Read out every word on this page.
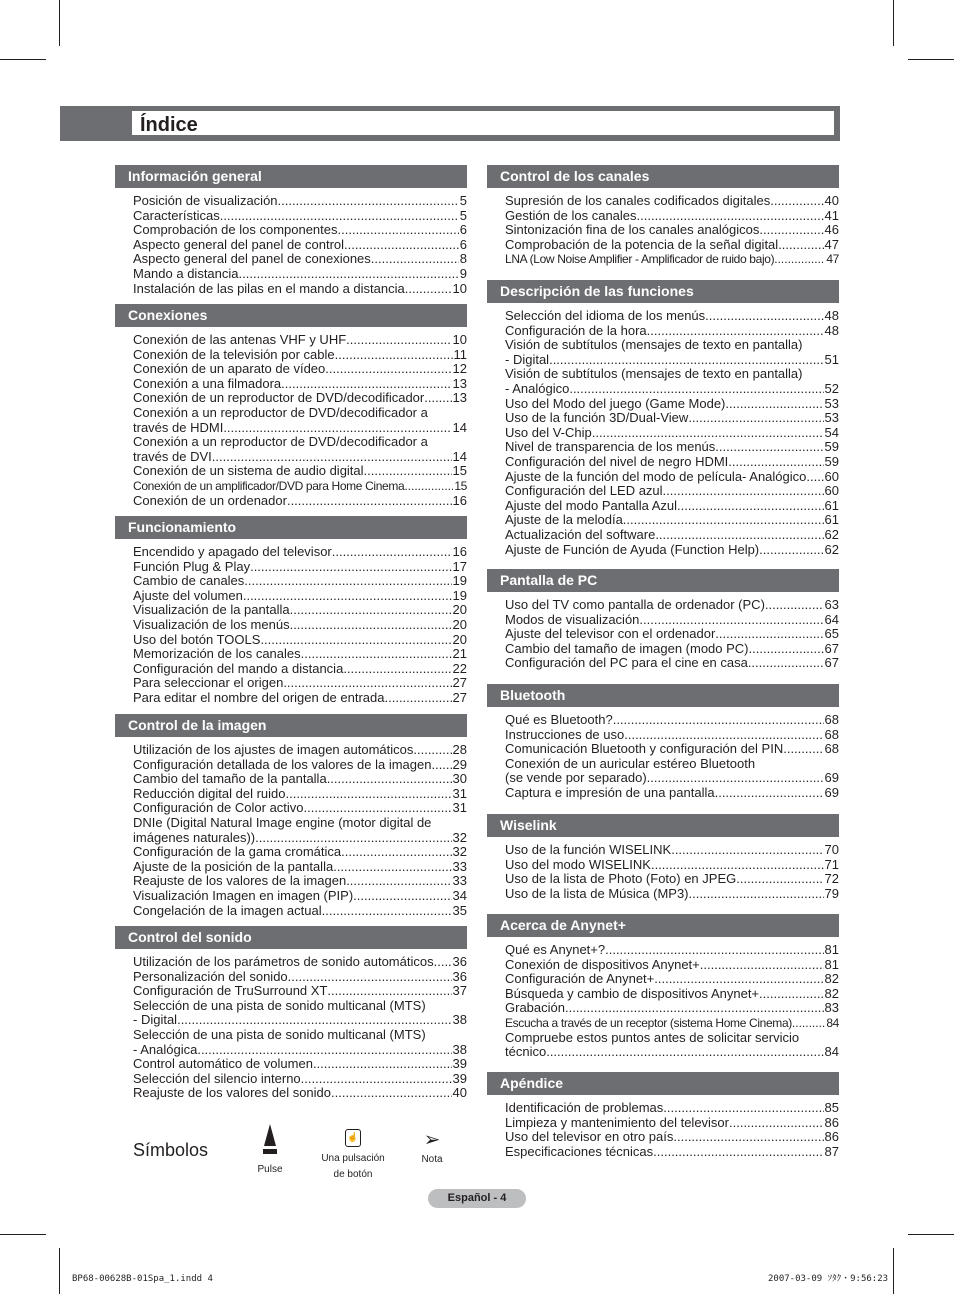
Índice
Información general
Posición de visualización .....	5
Características .....	5
Comprobación de los componentes .....	6
Aspecto general del panel de control .....	6
Aspecto general del panel de conexiones .....	8
Mando a distancia .....	9
Instalación de las pilas en el mando a distancia .....	10
Conexiones
Conexión de las antenas VHF y UHF .....	10
Conexión de la televisión por cable .....	11
Conexión de un aparato de vídeo .....	12
Conexión a una filmadora .....	13
Conexión de un reproductor de DVD/decodificador ..... 13
Conexión a un reproductor de DVD/decodificador a
través de HDMI .....	14
Conexión a un reproductor de DVD/decodificador a
través de DVI .....	14
Conexión de un sistema de audio digital .....	15
Conexión de un amplificador/DVD para Home Cinema .....	15
Conexión de un ordenador .....	16
Funcionamiento
Encendido y apagado del televisor .....	16
Función Plug & Play .....	17
Cambio de canales .....	19
Ajuste del volumen .....	19
Visualización de la pantalla .....	20
Visualización de los menús .....	20
Uso del botón TOOLS .....	20
Memorización de los canales .....	21
Configuración del mando a distancia .....	22
Para seleccionar el origen .....	27
Para editar el nombre del origen de entrada .....	27
Control de la imagen
Utilización de los ajustes de imagen automáticos .....	28
Configuración detallada de los valores de la imagen ..... 29
Cambio del tamaño de la pantalla .....	30
Reducción digital del ruido .....	31
Configuración de Color activo .....	31
DNIe (Digital Natural Image engine (motor digital de
imágenes naturales)) .....	32
Configuración de la gama cromática .....	32
Ajuste de la posición de la pantalla .....	33
Reajuste de los valores de la imagen .....	33
Visualización Imagen en imagen (PIP) .....	34
Congelación de la imagen actual .....	35
Control del sonido
Utilización de los parámetros de sonido automáticos ..... 36
Personalización del sonido .....	36
Configuración de TruSurround XT .....	37
Selección de una pista de sonido multicanal (MTS)
- Digital .....	38
Selección de una pista de sonido multicanal (MTS)
- Analógica .....	38
Control automático de volumen .....	39
Selección del silencio interno .....	39
Reajuste de los valores del sonido .....	40
Control de los canales
Supresión de los canales codificados digitales .....	40
Gestión de los canales .....	41
Sintonización fina de los canales analógicos .....	46
Comprobación de la potencia de la señal digital .....	47
LNA (Low Noise Amplifier - Amplificador de ruido bajo) .....	47
Descripción de las funciones
Selección del idioma de los menús .....	48
Configuración de la hora .....	48
Visión de subtítulos (mensajes de texto en pantalla)
- Digital .....	51
Visión de subtítulos (mensajes de texto en pantalla)
- Analógico .....	52
Uso del Modo del juego (Game Mode) .....	53
Uso de la función 3D/Dual-View .....	53
Uso del V-Chip .....	54
Nivel de transparencia de los menús .....	59
Configuración del nivel de negro HDMI .....	59
Ajuste de la función del modo de película- Analógico ..... 60
Configuración del LED azul .....	60
Ajuste del modo Pantalla Azul .....	61
Ajuste de la melodía .....	61
Actualización del software .....	62
Ajuste de Función de Ayuda (Function Help) .....	62
Pantalla de PC
Uso del TV como pantalla de ordenador (PC) .....	63
Modos de visualización .....	64
Ajuste del televisor con el ordenador .....	65
Cambio del tamaño de imagen (modo PC) .....	67
Configuración del PC para el cine en casa .....	67
Bluetooth
Qué es Bluetooth? .....	68
Instrucciones de uso .....	68
Comunicación Bluetooth y configuración del PIN .....	68
Conexión de un auricular estéreo Bluetooth
(se vende por separado) .....	69
Captura e impresión de una pantalla .....	69
Wiselink
Uso de la función WISELINK .....	70
Uso del modo WISELINK .....	71
Uso de la lista de Photo (Foto) en JPEG .....	72
Uso de la lista de Música (MP3) .....	79
Acerca de Anynet+
Qué es Anynet+? .....	81
Conexión de dispositivos Anynet+ .....	81
Configuración de Anynet+ .....	82
Búsqueda y cambio de dispositivos Anynet+ .....	82
Grabación .....	83
Escucha a través de un receptor (sistema Home Cinema) .....	84
Compruebe estos puntos antes de solicitar servicio
técnico .....	84
Apéndice
Identificación de problemas .....	85
Limpieza y mantenimiento del televisor .....	86
Uso del televisor en otro país .....	86
Especificaciones técnicas .....	87
Símbolos
Pulse
☝
Una pulsación
de botón
➢
Nota
Español - 4
BP68-00628B-01Spa_1.indd 4	2007-03-09 ｿﾀｸ・9:56:23
